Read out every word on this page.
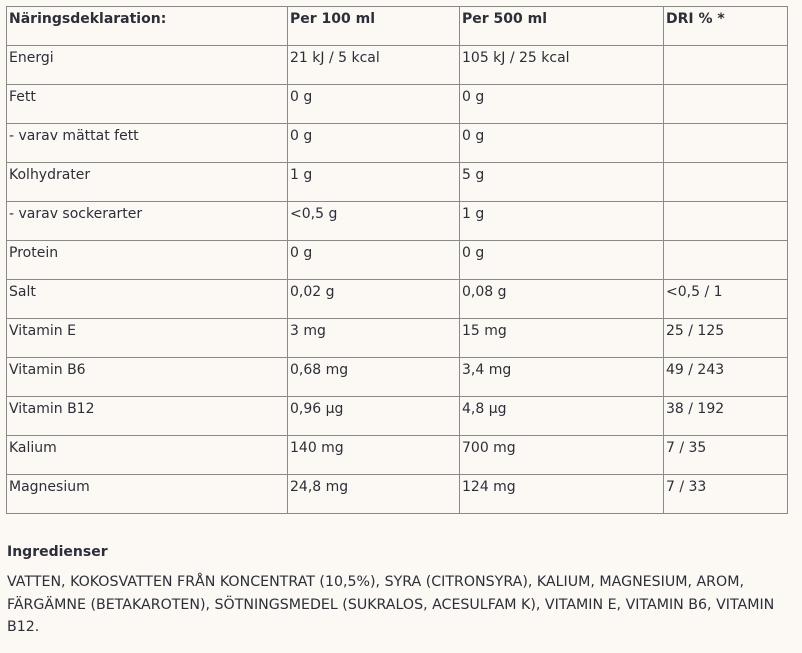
Näringsdeklaration:	Per 100 ml	Per 500 ml	DRI % *
Energi	21 kJ / 5 kcal	105 kJ / 25 kcal	
Fett	0 g	0 g	
- varav mättat fett	0 g	0 g	
Kolhydrater	1 g	5 g	
- varav sockerarter	<0,5 g	1 g	
Protein	0 g	0 g	
Salt	0,02 g	0,08 g	<0,5 / 1
Vitamin E	3 mg	15 mg	25 / 125
Vitamin B6	0,68 mg	3,4 mg	49 / 243
Vitamin B12	0,96 µg	4,8 µg	38 / 192
Kalium	140 mg	700 mg	7 / 35
Magnesium	24,8 mg	124 mg	7 / 33
Ingredienser

VATTEN, KOKOSVATTEN FRÅN KONCENTRAT (10,5%), SYRA (CITRONSYRA), KALIUM, MAGNESIUM, AROM, FÄRGÄMNE (BETAKAROTEN), SÖTNINGSMEDEL (SUKRALOS, ACESULFAM K), VITAMIN E, VITAMIN B6, VITAMIN B12.
